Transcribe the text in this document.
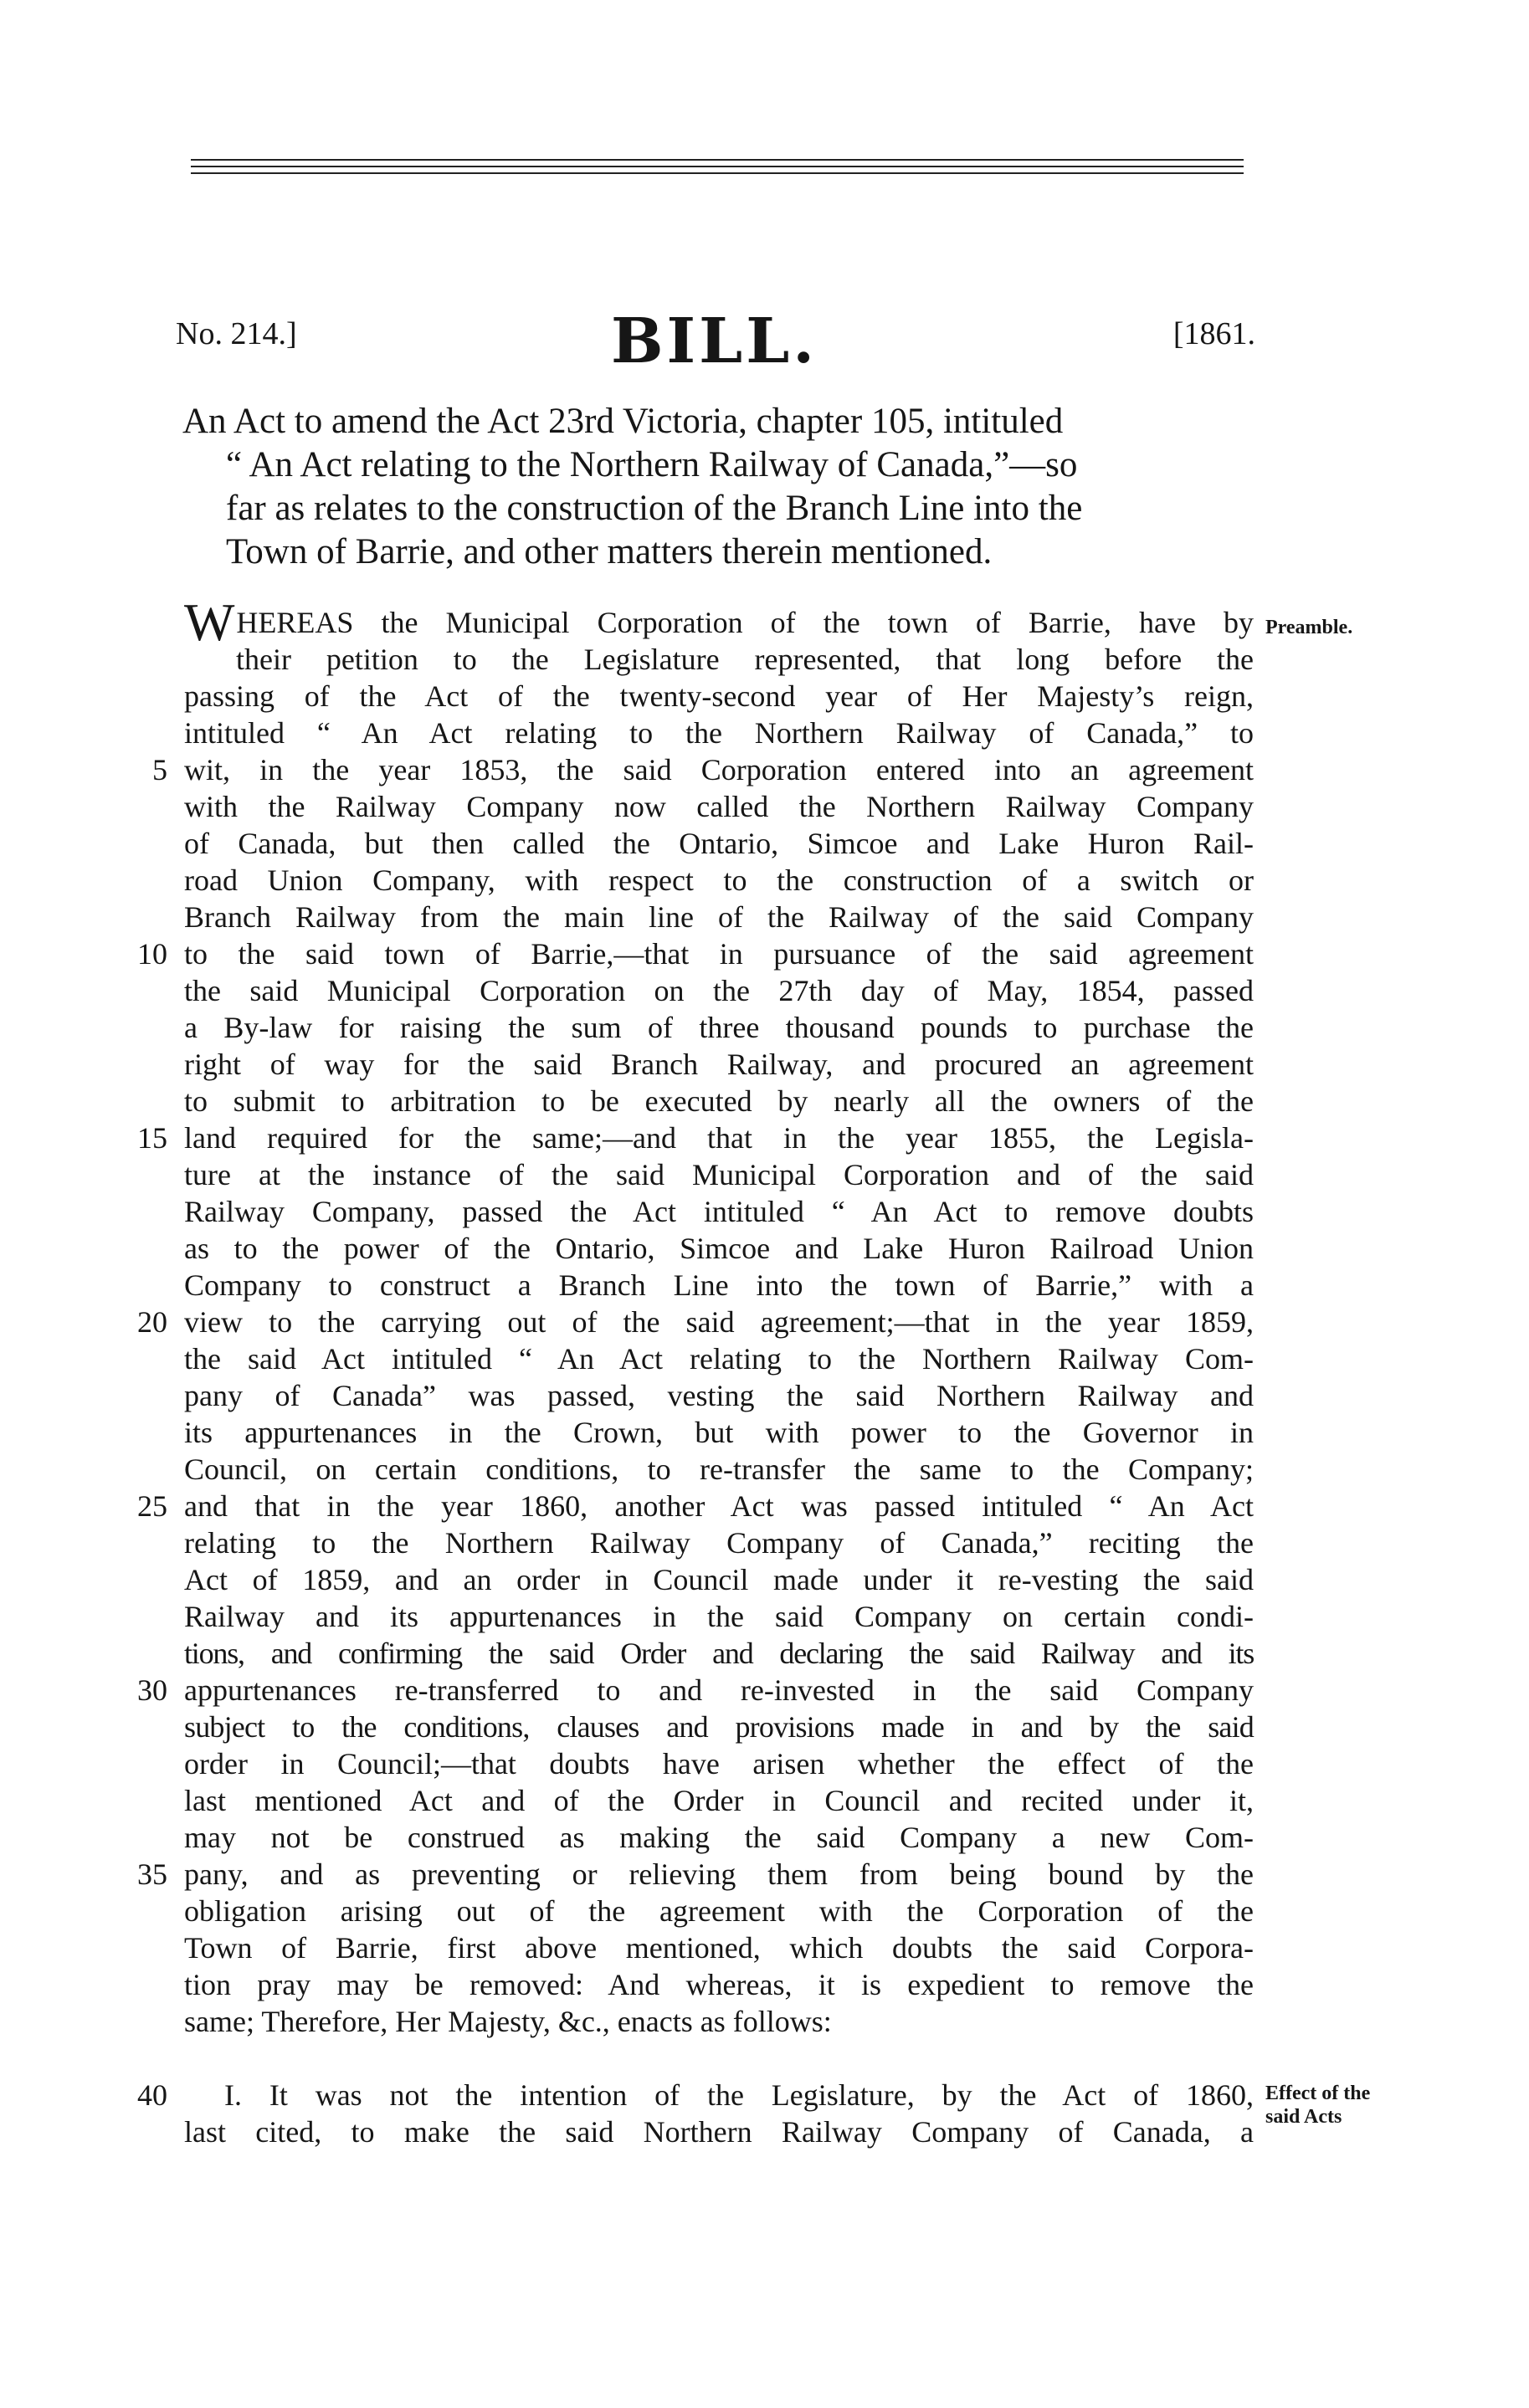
No. 214.]	BILL.	[1861.
An Act to amend the Act 23rd Victoria, chapter 105, intituled
“ An Act relating to the Northern Railway of Canada,”—so
far as relates to the construction of the Branch Line into the
Town of Barrie, and other matters therein mentioned.
Preamble.
WHEREAS the Municipal Corporation of the town of Barrie, have by
their petition to the Legislature represented, that long before the
passing of the Act of the twenty-second year of Her Majesty’s reign,
intituled “ An Act relating to the Northern Railway of Canada,” to
5 wit, in the year 1853, the said Corporation entered into an agreement
with the Railway Company now called the Northern Railway Company
of Canada, but then called the Ontario, Simcoe and Lake Huron Rail-
road Union Company, with respect to the construction of a switch or
Branch Railway from the main line of the Railway of the said Company
10 to the said town of Barrie,—that in pursuance of the said agreement
the said Municipal Corporation on the 27th day of May, 1854, passed
a By-law for raising the sum of three thousand pounds to purchase the
right of way for the said Branch Railway, and procured an agreement
to submit to arbitration to be executed by nearly all the owners of the
15 land required for the same;—and that in the year 1855, the Legisla-
ture at the instance of the said Municipal Corporation and of the said
Railway Company, passed the Act intituled “ An Act to remove doubts
as to the power of the Ontario, Simcoe and Lake Huron Railroad Union
Company to construct a Branch Line into the town of Barrie,” with a
20 view to the carrying out of the said agreement;—that in the year 1859,
the said Act intituled “ An Act relating to the Northern Railway Com-
pany of Canada” was passed, vesting the said Northern Railway and
its appurtenances in the Crown, but with power to the Governor in
Council, on certain conditions, to re-transfer the same to the Company;
25 and that in the year 1860, another Act was passed intituled “ An Act
relating to the Northern Railway Company of Canada,” reciting the
Act of 1859, and an order in Council made under it re-vesting the said
Railway and its appurtenances in the said Company on certain condi-
tions, and confirming the said Order and declaring the said Railway and its
30 appurtenances re-transferred to and re-invested in the said Company
subject to the conditions, clauses and provisions made in and by the said
order in Council;—that doubts have arisen whether the effect of the
last mentioned Act and of the Order in Council and recited under it,
may not be construed as making the said Company a new Com-
35 pany, and as preventing or relieving them from being bound by the
obligation arising out of the agreement with the Corporation of the
Town of Barrie, first above mentioned, which doubts the said Corpora-
tion pray may be removed: And whereas, it is expedient to remove the
same; Therefore, Her Majesty, &c., enacts as follows:
Effect of the
said Acts
40	I. It was not the intention of the Legislature, by the Act of 1860,
last cited, to make the said Northern Railway Company of Canada, a
